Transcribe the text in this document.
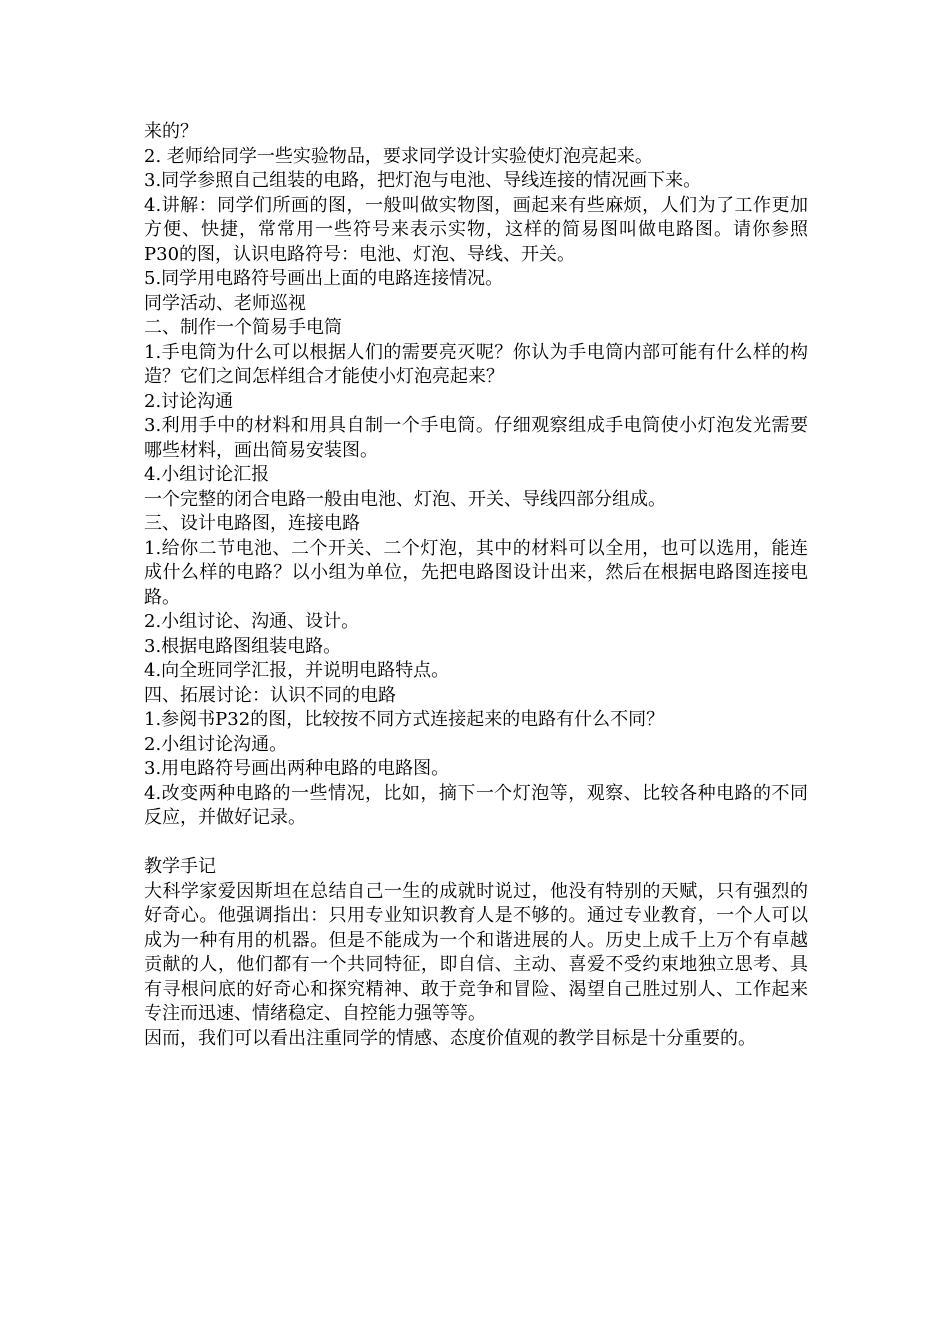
来的？
2. 老师给同学一些实验物品，要求同学设计实验使灯泡亮起来。
3.同学参照自己组装的电路，把灯泡与电池、导线连接的情况画下来。
4.讲解：同学们所画的图，一般叫做实物图，画起来有些麻烦，人们为了工作更加方便、快捷，常常用一些符号来表示实物，这样的简易图叫做电路图。请你参照P30的图，认识电路符号：电池、灯泡、导线、开关。
5.同学用电路符号画出上面的电路连接情况。
同学活动、老师巡视
二、制作一个简易手电筒
1.手电筒为什么可以根据人们的需要亮灭呢？你认为手电筒内部可能有什么样的构造？它们之间怎样组合才能使小灯泡亮起来？
2.讨论沟通
3.利用手中的材料和用具自制一个手电筒。仔细观察组成手电筒使小灯泡发光需要哪些材料，画出简易安装图。
4.小组讨论汇报
一个完整的闭合电路一般由电池、灯泡、开关、导线四部分组成。
三、设计电路图，连接电路
1.给你二节电池、二个开关、二个灯泡，其中的材料可以全用，也可以选用，能连成什么样的电路？以小组为单位，先把电路图设计出来，然后在根据电路图连接电路。
2.小组讨论、沟通、设计。
3.根据电路图组装电路。
4.向全班同学汇报，并说明电路特点。
四、拓展讨论：认识不同的电路
1.参阅书P32的图，比较按不同方式连接起来的电路有什么不同？
2.小组讨论沟通。
3.用电路符号画出两种电路的电路图。
4.改变两种电路的一些情况，比如，摘下一个灯泡等，观察、比较各种电路的不同反应，并做好记录。
教学手记
大科学家爱因斯坦在总结自己一生的成就时说过，他没有特别的天赋，只有强烈的好奇心。他强调指出：只用专业知识教育人是不够的。通过专业教育，一个人可以成为一种有用的机器。但是不能成为一个和谐进展的人。历史上成千上万个有卓越贡献的人，他们都有一个共同特征，即自信、主动、喜爱不受约束地独立思考、具有寻根问底的好奇心和探究精神、敢于竞争和冒险、渴望自己胜过别人、工作起来专注而迅速、情绪稳定、自控能力强等等。
因而，我们可以看出注重同学的情感、态度价值观的教学目标是十分重要的。
